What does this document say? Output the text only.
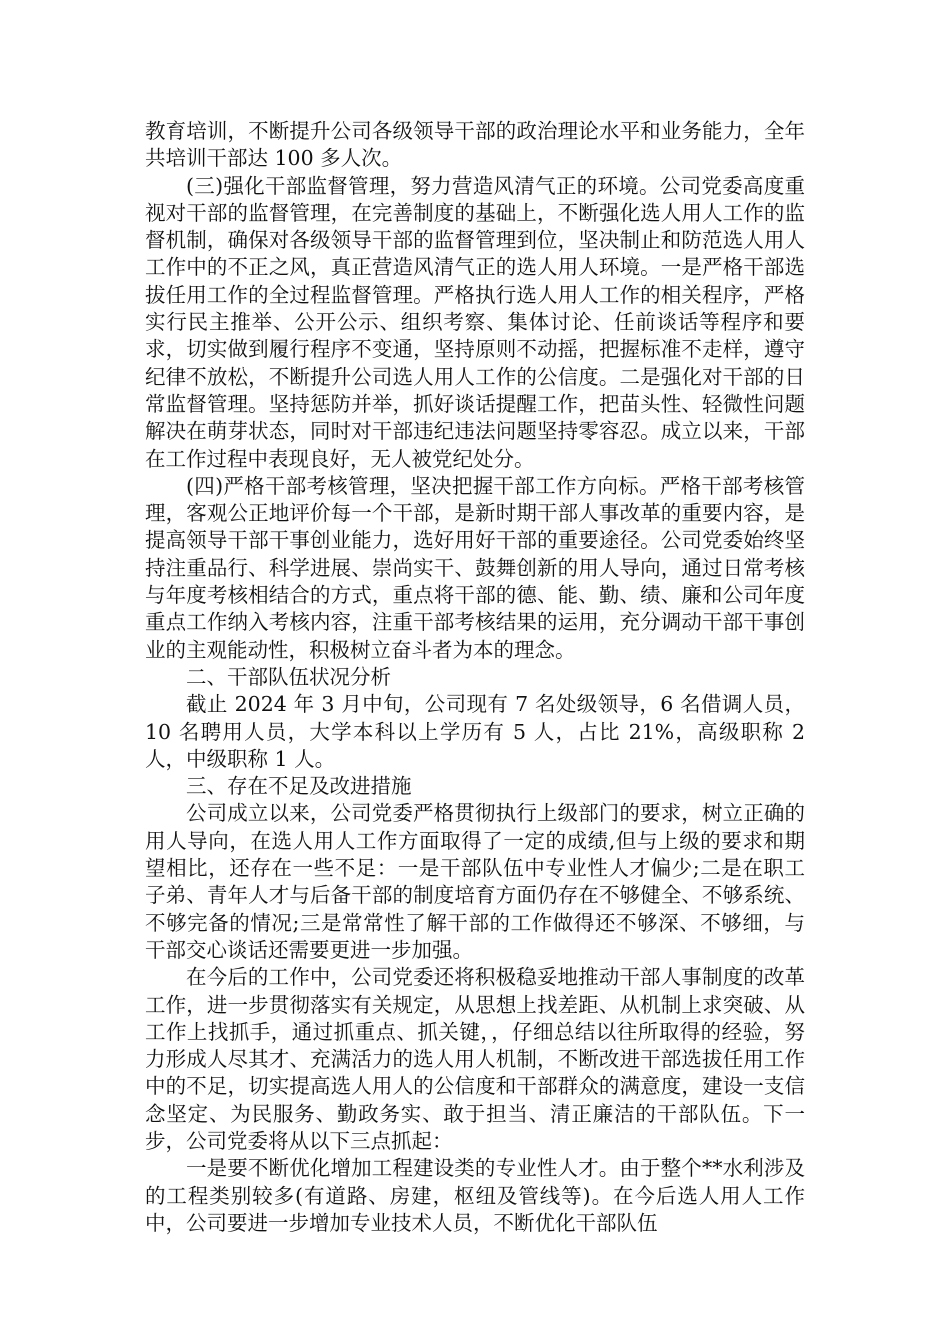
教育培训，不断提升公司各级领导干部的政治理论水平和业务能力，全年共培训干部达 100 多人次。

(三)强化干部监督管理，努力营造风清气正的环境。公司党委高度重视对干部的监督管理，在完善制度的基础上，不断强化选人用人工作的监督机制，确保对各级领导干部的监督管理到位，坚决制止和防范选人用人工作中的不正之风，真正营造风清气正的选人用人环境。一是严格干部选拔任用工作的全过程监督管理。严格执行选人用人工作的相关程序，严格实行民主推举、公开公示、组织考察、集体讨论、任前谈话等程序和要求，切实做到履行程序不变通，坚持原则不动摇，把握标准不走样，遵守纪律不放松，不断提升公司选人用人工作的公信度。二是强化对干部的日常监督管理。坚持惩防并举，抓好谈话提醒工作，把苗头性、轻微性问题解决在萌芽状态，同时对干部违纪违法问题坚持零容忍。成立以来，干部在工作过程中表现良好，无人被党纪处分。

(四)严格干部考核管理，坚决把握干部工作方向标。严格干部考核管理，客观公正地评价每一个干部，是新时期干部人事改革的重要内容，是提高领导干部干事创业能力，选好用好干部的重要途径。公司党委始终坚持注重品行、科学进展、崇尚实干、鼓舞创新的用人导向，通过日常考核与年度考核相结合的方式，重点将干部的德、能、勤、绩、廉和公司年度重点工作纳入考核内容，注重干部考核结果的运用，充分调动干部干事创业的主观能动性，积极树立奋斗者为本的理念。

二、干部队伍状况分析

截止 2024 年 3 月中旬，公司现有 7 名处级领导，6 名借调人员，10 名聘用人员，大学本科以上学历有 5 人，占比 21%，高级职称 2 人，中级职称 1 人。

三、存在不足及改进措施

公司成立以来，公司党委严格贯彻执行上级部门的要求，树立正确的用人导向，在选人用人工作方面取得了一定的成绩,但与上级的要求和期望相比，还存在一些不足：一是干部队伍中专业性人才偏少;二是在职工子弟、青年人才与后备干部的制度培育方面仍存在不够健全、不够系统、不够完备的情况;三是常常性了解干部的工作做得还不够深、不够细，与干部交心谈话还需要更进一步加强。

在今后的工作中，公司党委还将积极稳妥地推动干部人事制度的改革工作，进一步贯彻落实有关规定，从思想上找差距、从机制上求突破、从工作上找抓手，通过抓重点、抓关键，，仔细总结以往所取得的经验，努力形成人尽其才、充满活力的选人用人机制，不断改进干部选拔任用工作中的不足，切实提高选人用人的公信度和干部群众的满意度，建设一支信念坚定、为民服务、勤政务实、敢于担当、清正廉洁的干部队伍。下一步，公司党委将从以下三点抓起：

一是要不断优化增加工程建设类的专业性人才。由于整个**水利涉及的工程类别较多(有道路、房建，枢纽及管线等)。在今后选人用人工作中，公司要进一步增加专业技术人员，不断优化干部队伍
